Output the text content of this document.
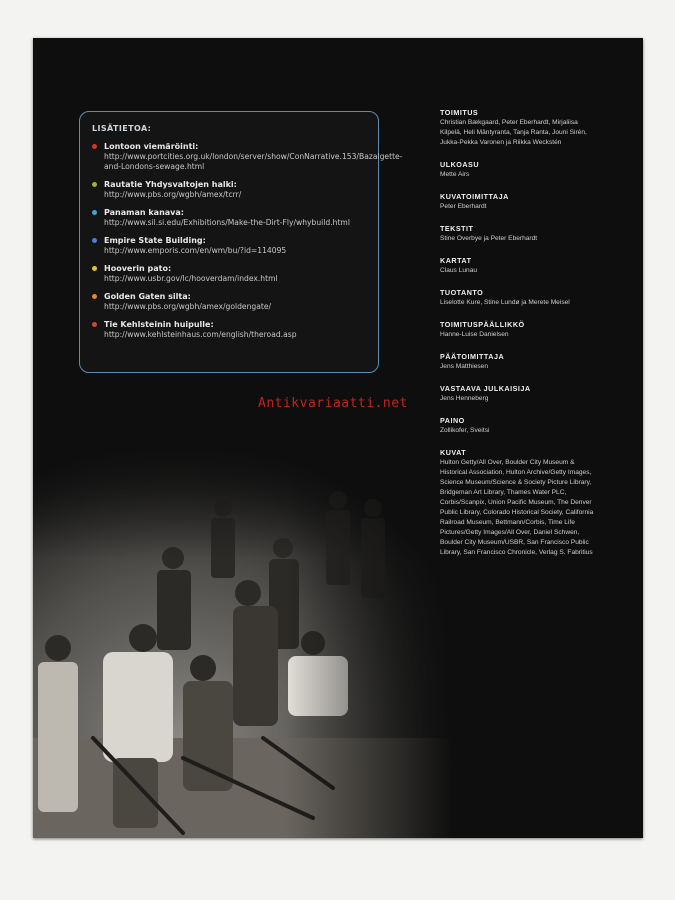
LISÄTIETOA:
Lontoon viemäröinti:
http://www.portcities.org.uk/london/server/show/ConNarrative.153/Bazalgette-and-Londons-sewage.html
Rautatie Yhdysvaltojen halki:
http://www.pbs.org/wgbh/amex/tcrr/
Panaman kanava:
http://www.sil.si.edu/Exhibitions/Make-the-Dirt-Fly/whybuild.html
Empire State Building:
http://www.emporis.com/en/wm/bu/?id=114095
Hooverin pato:
http://www.usbr.gov/lc/hooverdam/index.html
Golden Gaten silta:
http://www.pbs.org/wgbh/amex/goldengate/
Tie Kehlsteinin huipulle:
http://www.kehlsteinhaus.com/english/theroad.asp
TOIMITUS
Christian Bækgaard, Peter Eberhardt, Mirjaliisa Kilpelä, Heli Mäntyranta, Tanja Ranta, Jouni Sirén, Jukka-Pekka Varonen ja Riikka Weckstén
ULKOASU
Mette Airs
KUVATOIMITTAJA
Peter Eberhardt
TEKSTIT
Stine Overbye ja Peter Eberhardt
KARTAT
Claus Lunau
TUOTANTO
Liselotte Kure, Stine Lundø ja Merete Meisel
TOIMITUSPÄÄLLIKKÖ
Hanne-Luise Danielsen
PÄÄTOIMITTAJA
Jens Matthiesen
VASTAAVA JULKAISIJA
Jens Henneberg
PAINO
Zollikofer, Sveitsi
KUVAT
Hulton Getty/All Over, Boulder City Museum & Historical Association, Hulton Archive/Getty Images, Science Museum/Science & Society Picture Library, Bridgeman Art Library, Thames Water PLC, Corbis/Scanpix, Union Pacific Museum, The Denver Public Library, Colorado Historical Society, California Railroad Museum, Bettmann/Corbis, Time Life Pictures/Getty Images/All Over, Daniel Schwen, Boulder City Museum/USBR, San Francisco Public Library, San Francisco Chronicle, Verlag S. Fabritius
Antikvariaatti.net
